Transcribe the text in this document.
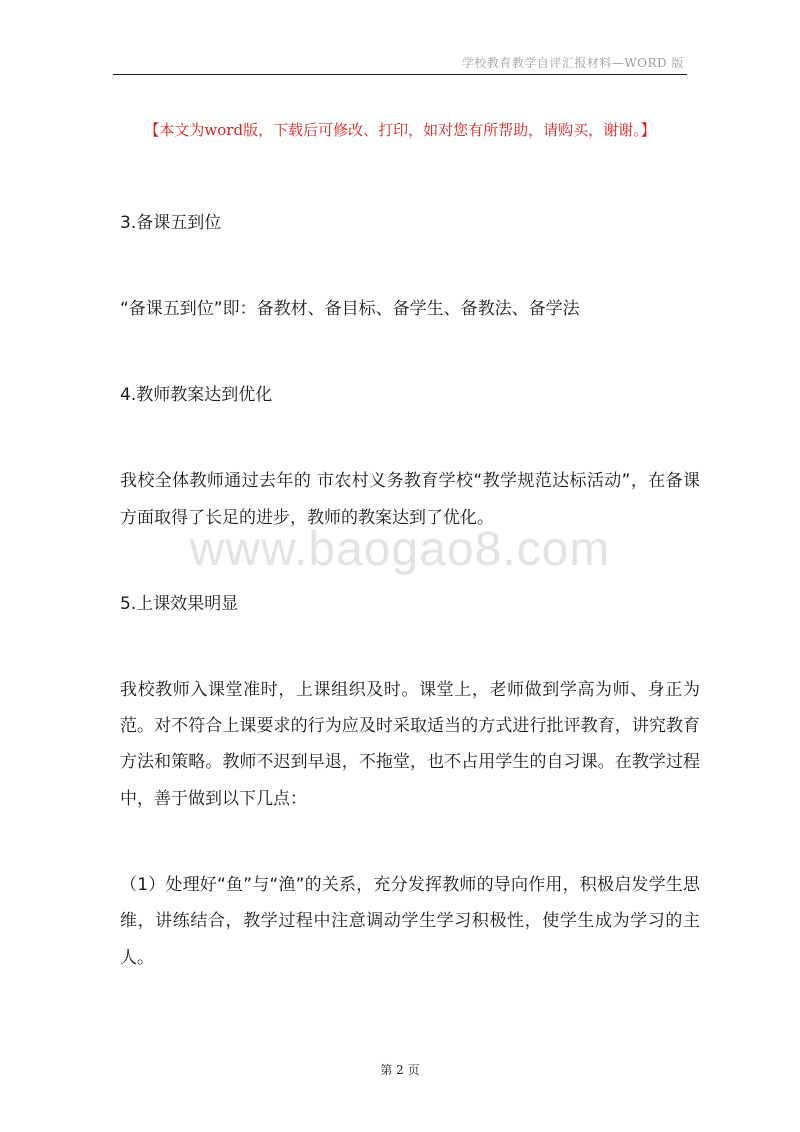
学校教育教学自评汇报材料—WORD 版
【本文为word版，下载后可修改、打印，如对您有所帮助，请购买，谢谢。】
www.baogao8.com
3.备课五到位
“备课五到位”即：备教材、备目标、备学生、备教法、备学法
4.教师教案达到优化
我校全体教师通过去年的 市农村义务教育学校“教学规范达标活动”，在备课方面取得了长足的进步，教师的教案达到了优化。
5.上课效果明显
我校教师入课堂准时，上课组织及时。课堂上，老师做到学高为师、身正为范。对不符合上课要求的行为应及时采取适当的方式进行批评教育，讲究教育方法和策略。教师不迟到早退，不拖堂，也不占用学生的自习课。在教学过程中，善于做到以下几点：
（1）处理好“鱼”与“渔”的关系，充分发挥教师的导向作用，积极启发学生思维，讲练结合，教学过程中注意调动学生学习积极性，使学生成为学习的主人。
第 2 页
